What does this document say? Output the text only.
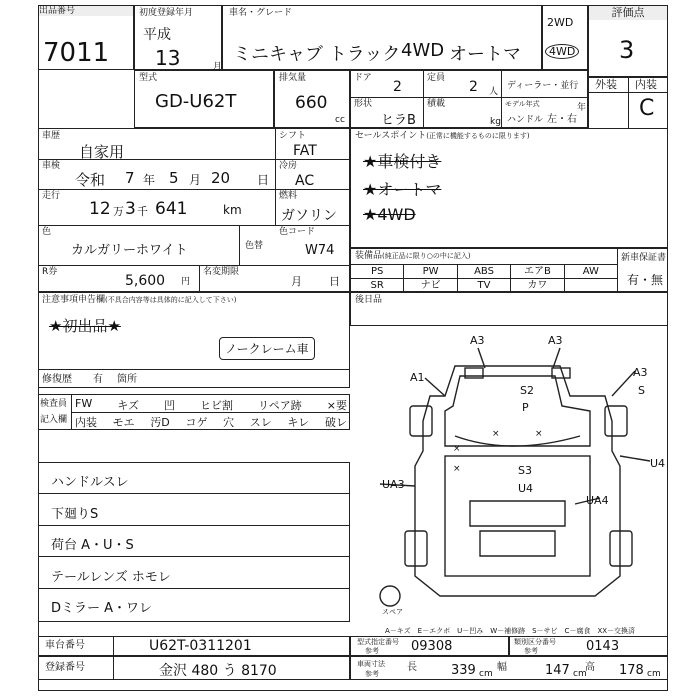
出品番号
7011
初度登録年月
平成
13	月
車名・グレード
ミニキャブ トラック 4WD オートマ
2WD
4WD
評価点
3
外装 内装
C
型式
GD-U62T
排気量
660
cc
ドア
2
定員
2 人
ディーラー・並行
形状
ヒラB
積載
kg
モデル年式	年
ハンドル 左・右
車歴
自家用
シフト
FAT
車検
令和 7 年 5 月 20 日
冷房
AC
走行
12 万 3 千 641	km
燃料
ガソリン
色
カルガリーホワイト	色替
色コード
W74
R券
5,600 円
名変期限
月 日
セールスポイント(正常に機能するものに限ります)
★車検付き
★オートマ
★4WD
装備品(純正品に限り○の中に記入)
PS	PW	ABS	エアB	AW
SR	ナビ	TV	カワ
新車保証書
有・無
後日品
注意事項申告欄(不具合内容等は具体的に記入して下さい)
★初出品★
ノークレーム車
修復歴 有 箇所
検査員
記入欄
FW キズ 凹 ヒビ割 リペア跡 ×要
内装 モエ 汚D コゲ 穴 スレ キレ 破レ
ハンドルスレ
下廻りS
荷台 A・U・S
テールレンズ ホモレ
Dミラー A・ワレ
A3	A3
A1	A3
S
S2
P
S3
U4
U4
UA3
UA4
スペア
×	×
×
×
A－キズ　E－エクボ　U－凹み　W－補修跡　S－サビ　C－腐食　XX－交換済
車台番号	U62T-0311201
登録番号	金沢 480 う 8170
型式指定番号
参考 09308	類別区分番号
参考	0143
車両寸法
参考
長	339 cm
幅	147 cm
高 178 cm
